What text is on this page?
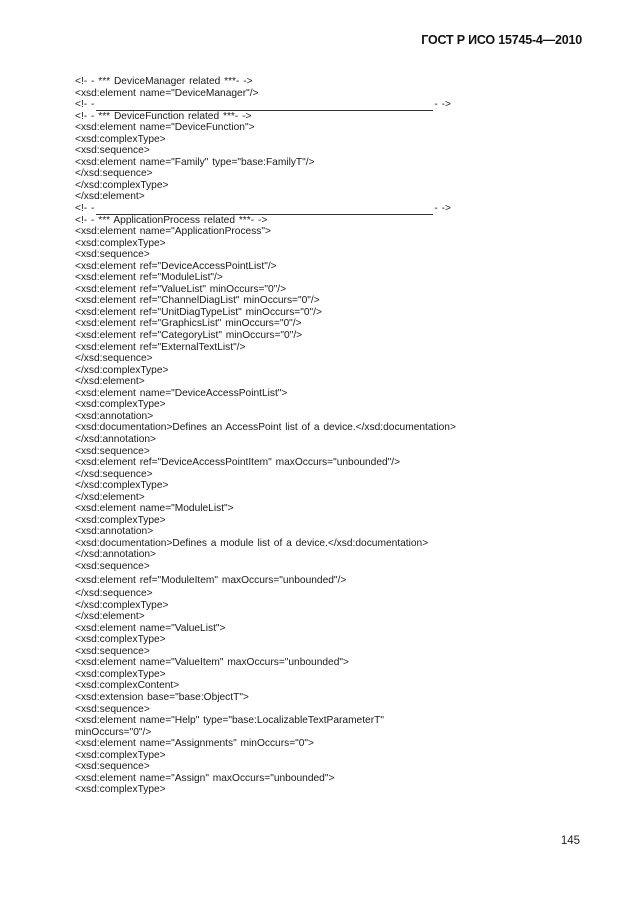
ГОСТ Р ИСО 15745-4—2010
<!- - *** DeviceManager related ***- ->
<xsd:element name="DeviceManager"/>
<!- -	- ->
<!- - *** DeviceFunction related ***- ->
<xsd:element name="DeviceFunction">
<xsd:complexType>
<xsd:sequence>
<xsd:element name="Family" type="base:FamilyT"/>
</xsd:sequence>
</xsd:complexType>
</xsd:element>
<!- -	- ->
<!- - *** ApplicationProcess related ***- ->
<xsd:element name="ApplicationProcess">
<xsd:complexType>
<xsd:sequence>
<xsd:element ref="DeviceAccessPointList"/>
<xsd:element ref="ModuleList"/>
<xsd:element ref="ValueList" minOccurs="0"/>
<xsd:element ref="ChannelDiagList" minOccurs="0"/>
<xsd:element ref="UnitDiagTypeList" minOccurs="0"/>
<xsd:element ref="GraphicsList" minOccurs="0"/>
<xsd:element ref="CategoryList" minOccurs="0"/>
<xsd:element ref="ExternalTextList"/>
</xsd:sequence>
</xsd:complexType>
</xsd:element>
<xsd:element name="DeviceAccessPointList">
<xsd:complexType>
<xsd:annotation>
<xsd:documentation>Defines an AccessPoint list of a device.</xsd:documentation>
</xsd:annotation>
<xsd:sequence>
<xsd:element ref="DeviceAccessPointItem" maxOccurs="unbounded"/>
</xsd:sequence>
</xsd:complexType>
</xsd:element>
<xsd:element name="ModuleList">
<xsd:complexType>
<xsd:annotation>
<xsd:documentation>Defines a module list of a device.</xsd:documentation>
</xsd:annotation>
<xsd:sequence>
<xsd:element ref="ModuleItem" maxOccurs="unbounded"/>
</xsd:sequence>
</xsd:complexType>
</xsd:element>
<xsd:element name="ValueList">
<xsd:complexType>
<xsd:sequence>
<xsd:element name="ValueItem" maxOccurs="unbounded">
<xsd:complexType>
<xsd:complexContent>
<xsd:extension base="base:ObjectT">
<xsd:sequence>
<xsd:element name="Help" type="base:LocalizableTextParameterT"
minOccurs="0"/>
<xsd:element name="Assignments" minOccurs="0">
<xsd:complexType>
<xsd:sequence>
<xsd:element name="Assign" maxOccurs="unbounded">
<xsd:complexType>
145
